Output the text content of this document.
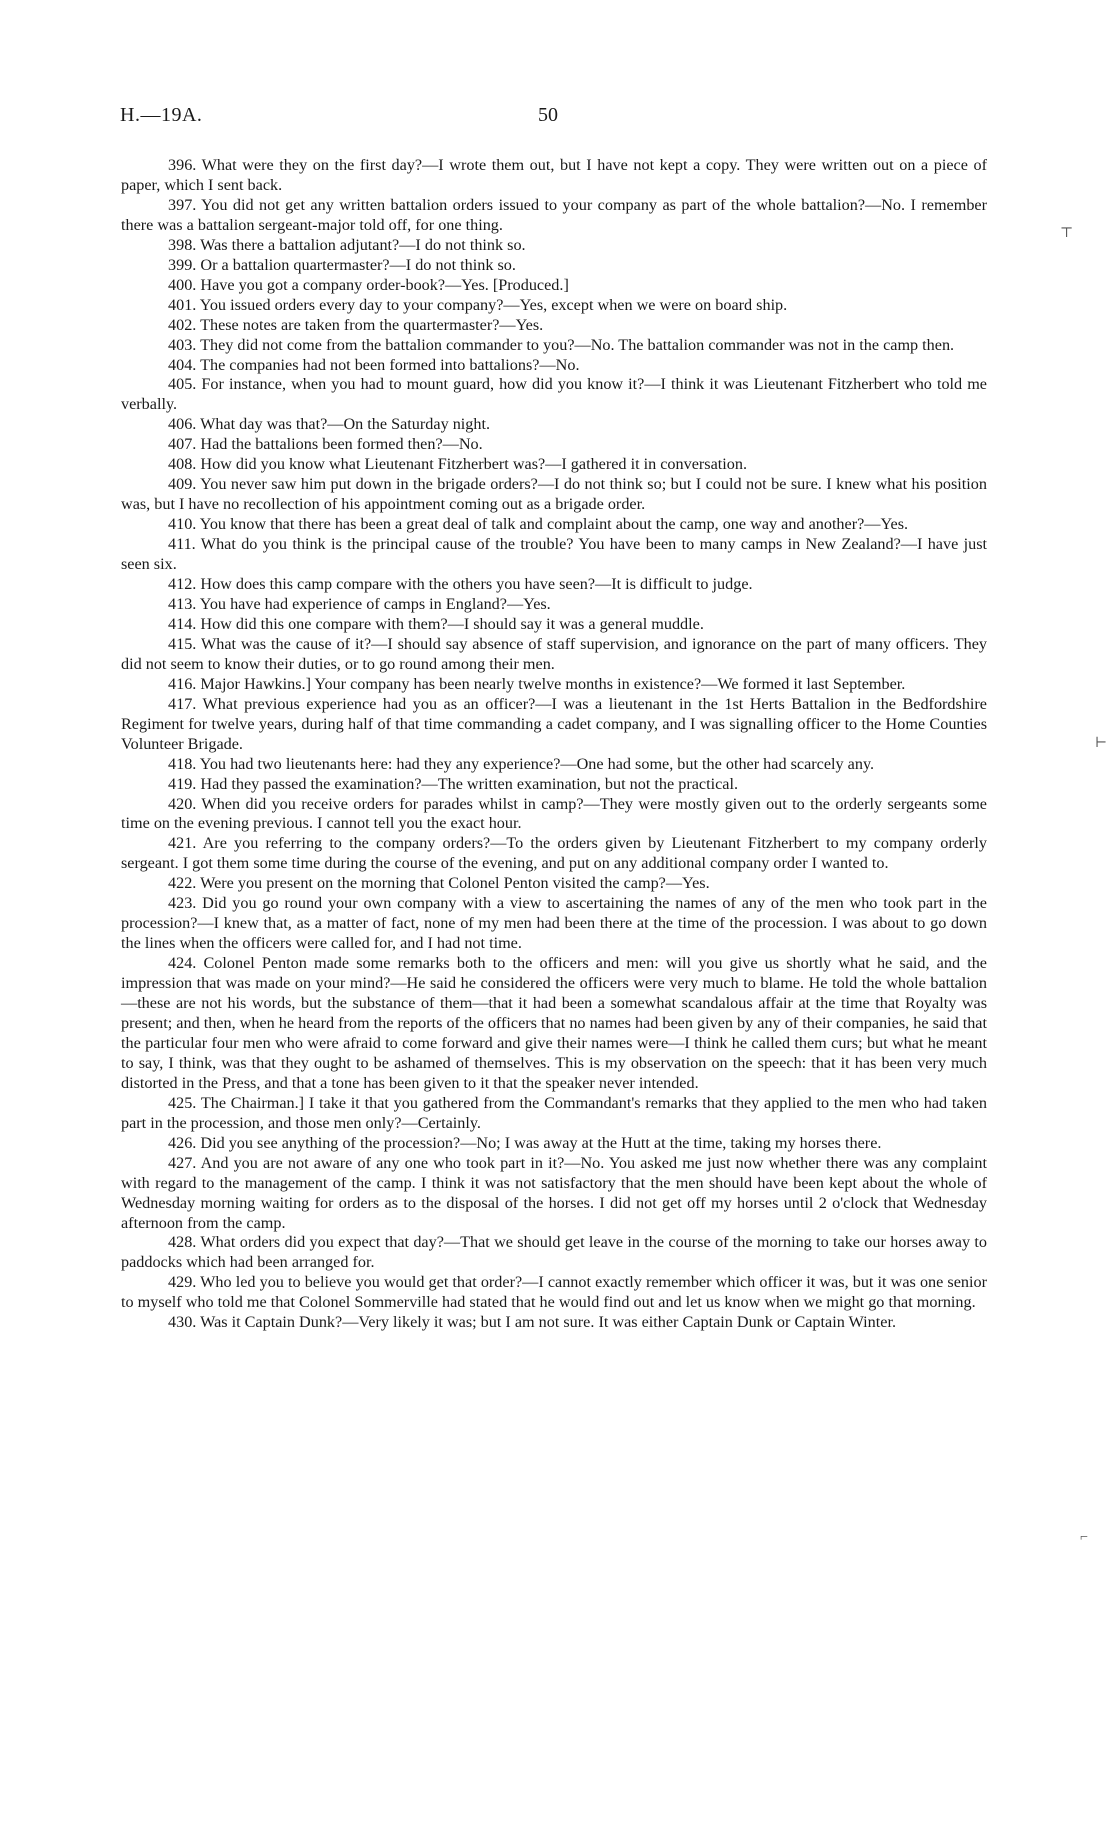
H.—19A.	50
⊤
⊢
⌐

396. What were they on the first day?—I wrote them out, but I have not kept a copy. They were written out on a piece of paper, which I sent back.

397. You did not get any written battalion orders issued to your company as part of the whole battalion?—No. I remember there was a battalion sergeant-major told off, for one thing.

398. Was there a battalion adjutant?—I do not think so.

399. Or a battalion quartermaster?—I do not think so.

400. Have you got a company order-book?—Yes. [Produced.]

401. You issued orders every day to your company?—Yes, except when we were on board ship.

402. These notes are taken from the quartermaster?—Yes.

403. They did not come from the battalion commander to you?—No. The battalion commander was not in the camp then.

404. The companies had not been formed into battalions?—No.

405. For instance, when you had to mount guard, how did you know it?—I think it was Lieutenant Fitzherbert who told me verbally.

406. What day was that?—On the Saturday night.

407. Had the battalions been formed then?—No.

408. How did you know what Lieutenant Fitzherbert was?—I gathered it in conversation.

409. You never saw him put down in the brigade orders?—I do not think so; but I could not be sure. I knew what his position was, but I have no recollection of his appointment coming out as a brigade order.

410. You know that there has been a great deal of talk and complaint about the camp, one way and another?—Yes.

411. What do you think is the principal cause of the trouble? You have been to many camps in New Zealand?—I have just seen six.

412. How does this camp compare with the others you have seen?—It is difficult to judge.

413. You have had experience of camps in England?—Yes.

414. How did this one compare with them?—I should say it was a general muddle.

415. What was the cause of it?—I should say absence of staff supervision, and ignorance on the part of many officers. They did not seem to know their duties, or to go round among their men.

416. Major Hawkins.] Your company has been nearly twelve months in existence?—We formed it last September.

417. What previous experience had you as an officer?—I was a lieutenant in the 1st Herts Battalion in the Bedfordshire Regiment for twelve years, during half of that time commanding a cadet company, and I was signalling officer to the Home Counties Volunteer Brigade.

418. You had two lieutenants here: had they any experience?—One had some, but the other had scarcely any.

419. Had they passed the examination?—The written examination, but not the practical.

420. When did you receive orders for parades whilst in camp?—They were mostly given out to the orderly sergeants some time on the evening previous. I cannot tell you the exact hour.

421. Are you referring to the company orders?—To the orders given by Lieutenant Fitzherbert to my company orderly sergeant. I got them some time during the course of the evening, and put on any additional company order I wanted to.

422. Were you present on the morning that Colonel Penton visited the camp?—Yes.

423. Did you go round your own company with a view to ascertaining the names of any of the men who took part in the procession?—I knew that, as a matter of fact, none of my men had been there at the time of the procession. I was about to go down the lines when the officers were called for, and I had not time.

424. Colonel Penton made some remarks both to the officers and men: will you give us shortly what he said, and the impression that was made on your mind?—He said he considered the officers were very much to blame. He told the whole battalion—these are not his words, but the substance of them—that it had been a somewhat scandalous affair at the time that Royalty was present; and then, when he heard from the reports of the officers that no names had been given by any of their companies, he said that the particular four men who were afraid to come forward and give their names were—I think he called them curs; but what he meant to say, I think, was that they ought to be ashamed of themselves. This is my observation on the speech: that it has been very much distorted in the Press, and that a tone has been given to it that the speaker never intended.

425. The Chairman.] I take it that you gathered from the Commandant's remarks that they applied to the men who had taken part in the procession, and those men only?—Certainly.

426. Did you see anything of the procession?—No; I was away at the Hutt at the time, taking my horses there.

427. And you are not aware of any one who took part in it?—No. You asked me just now whether there was any complaint with regard to the management of the camp. I think it was not satisfactory that the men should have been kept about the whole of Wednesday morning waiting for orders as to the disposal of the horses. I did not get off my horses until 2 o'clock that Wednesday afternoon from the camp.

428. What orders did you expect that day?—That we should get leave in the course of the morning to take our horses away to paddocks which had been arranged for.

429. Who led you to believe you would get that order?—I cannot exactly remember which officer it was, but it was one senior to myself who told me that Colonel Sommerville had stated that he would find out and let us know when we might go that morning.

430. Was it Captain Dunk?—Very likely it was; but I am not sure. It was either Captain Dunk or Captain Winter.
